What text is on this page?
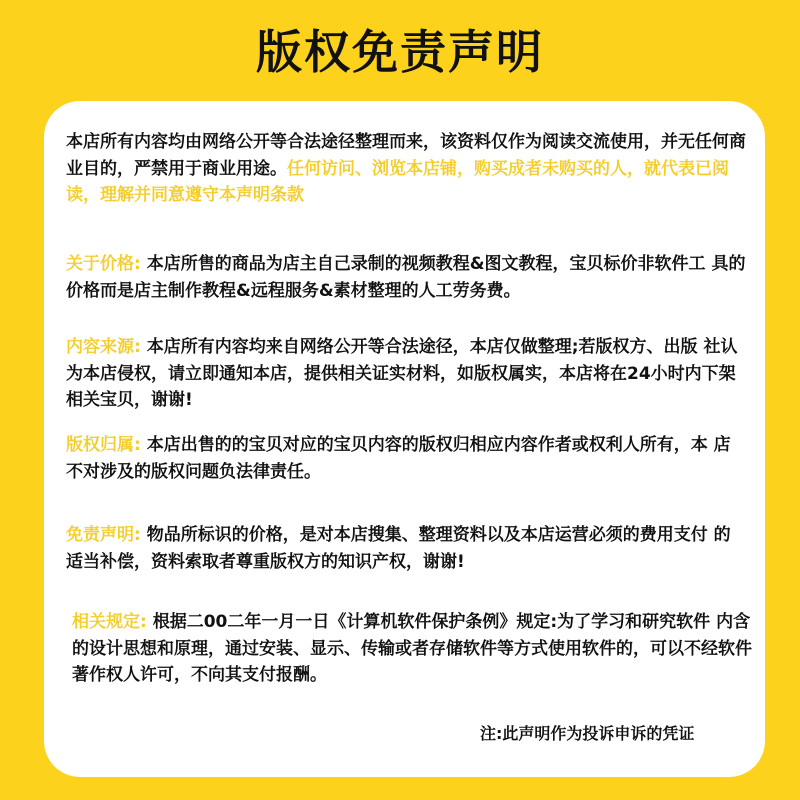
版权免责声明
本店所有内容均由网络公开等合法途径整理而来，该资料仅作为阅读交流使用，并无任何商业目的，严禁用于商业用途。任何访问、浏览本店铺，购买成者未购买的人，就代表已阅读，理解并同意遵守本声明条款
关于价格: 本店所售的商品为店主自己录制的视频教程&图文教程，宝贝标价非软件工 具的价格而是店主制作教程&远程服务&素材整理的人工劳务费。
内容来源: 本店所有内容均来自网络公开等合法途径，本店仅做整理;若版权方、出版 社认为本店侵权，请立即通知本店，提供相关证实材料，如版权属实，本店将在24小时内下架相关宝贝，谢谢!
版权归属: 本店出售的的宝贝对应的宝贝内容的版权归相应内容作者或权利人所有，本 店不对涉及的版权问题负法律责任。
免责声明: 物品所标识的价格，是对本店搜集、整理资料以及本店运营必须的费用支付 的适当补偿，资料索取者尊重版权方的知识产权，谢谢!
相关规定: 根据二00二年一月一日《计算机软件保护条例》规定:为了学习和研究软件 内含的设计思想和原理，通过安装、显示、传输或者存储软件等方式使用软件的，可以不经软件著作权人许可，不向其支付报酬。
注:此声明作为投诉申诉的凭证
